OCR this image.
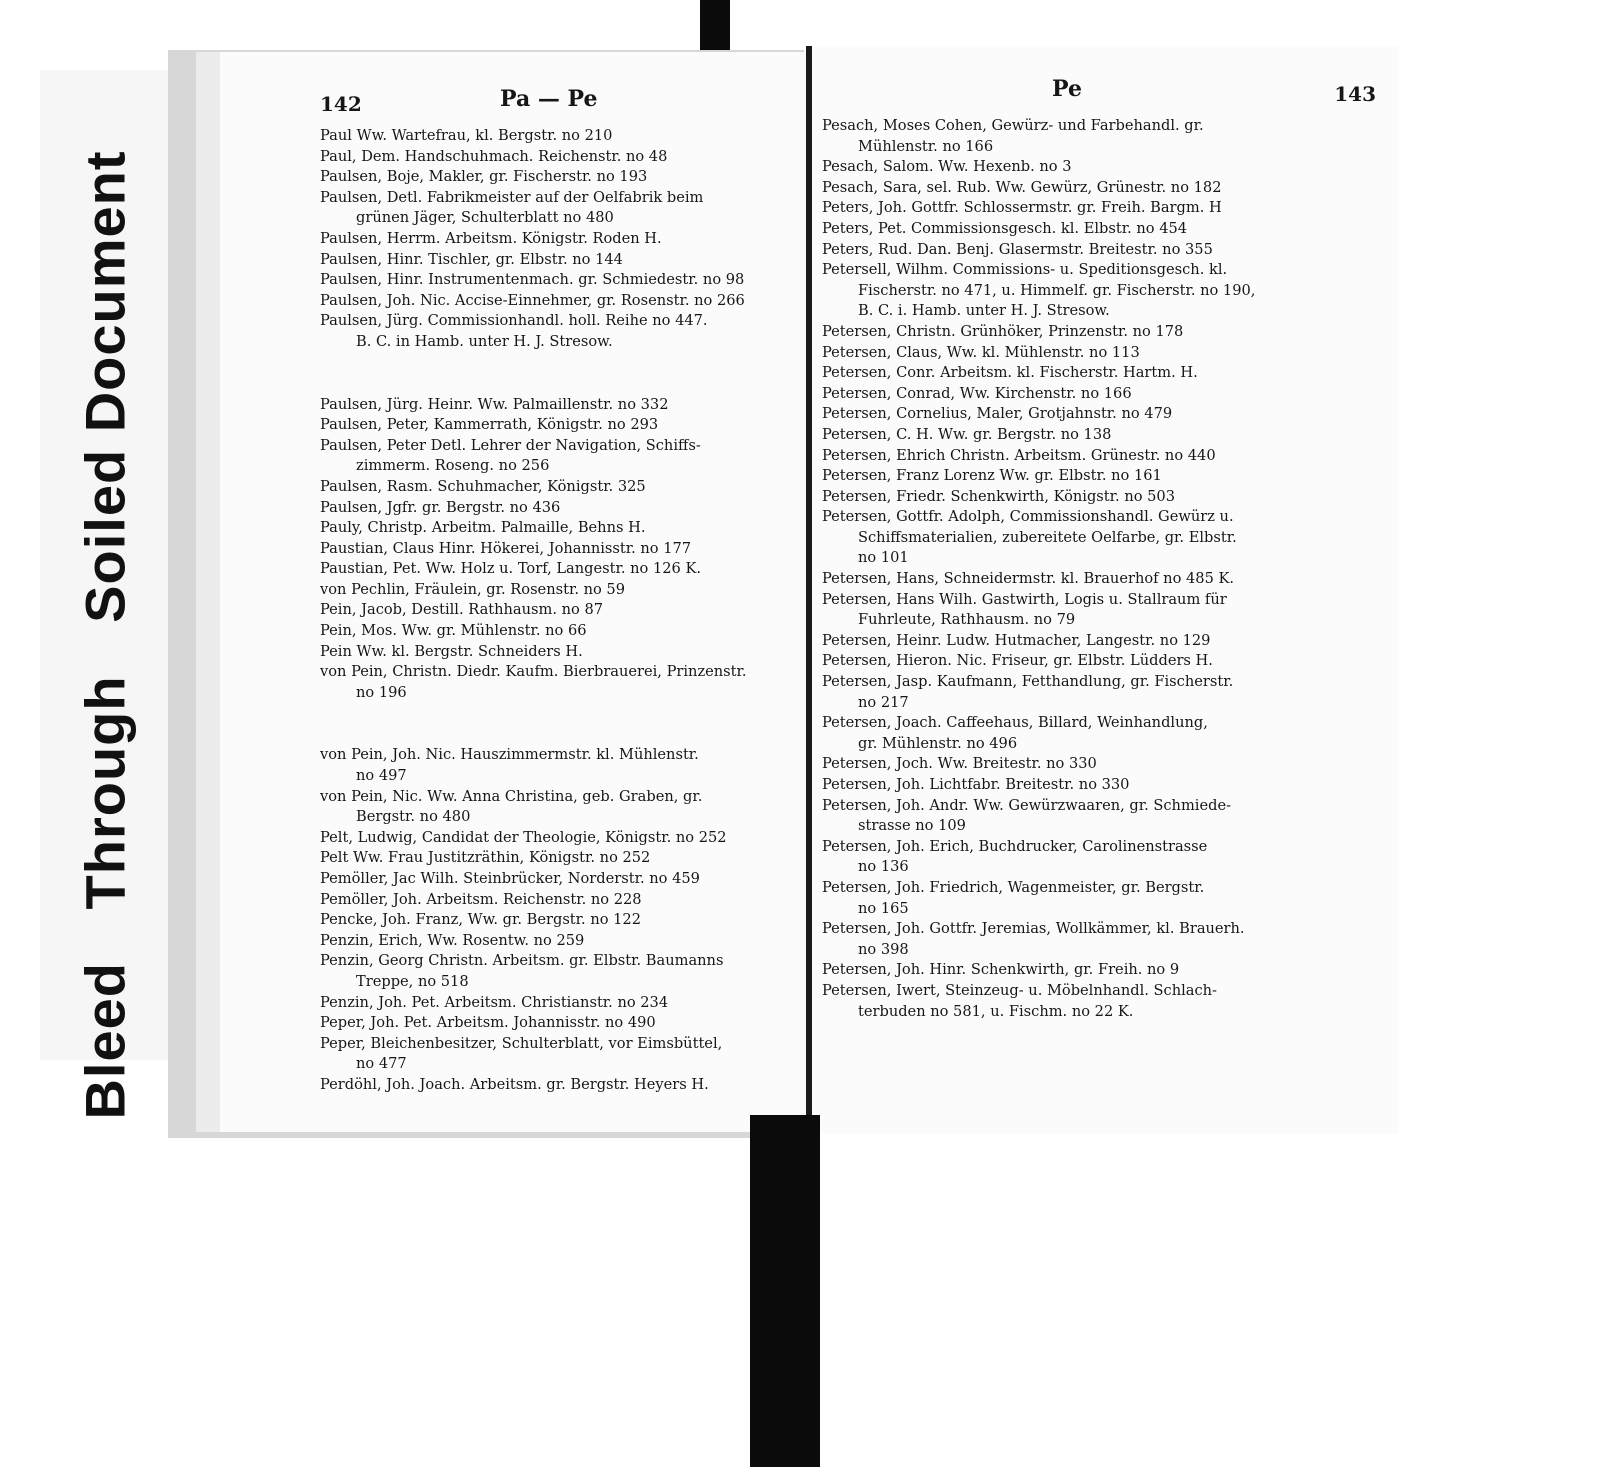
Bleed Through Soiled Document
142	Pa — Pe

Paul Ww. Wartefrau, kl. Bergstr. no 210

Paul, Dem. Handschuhmach. Reichenstr. no 48

Paulsen, Boje, Makler, gr. Fischerstr. no 193

Paulsen, Detl. Fabrikmeister auf der Oelfabrik beim

grünen Jäger, Schulterblatt no 480

Paulsen, Herrm. Arbeitsm. Königstr. Roden H.

Paulsen, Hinr. Tischler, gr. Elbstr. no 144

Paulsen, Hinr. Instrumentenmach. gr. Schmiedestr. no 98

Paulsen, Joh. Nic. Accise-Einnehmer, gr. Rosenstr. no 266

Paulsen, Jürg. Commissionhandl. holl. Reihe no 447.

B. C. in Hamb. unter H. J. Stresow.

Paulsen, Jürg. Heinr. Ww. Palmaillenstr. no 332

Paulsen, Peter, Kammerrath, Königstr. no 293

Paulsen, Peter Detl. Lehrer der Navigation, Schiffs-

zimmerm. Roseng. no 256

Paulsen, Rasm. Schuhmacher, Königstr. 325

Paulsen, Jgfr. gr. Bergstr. no 436

Pauly, Christp. Arbeitm. Palmaille, Behns H.

Paustian, Claus Hinr. Hökerei, Johannisstr. no 177

Paustian, Pet. Ww. Holz u. Torf, Langestr. no 126 K.

von Pechlin, Fräulein, gr. Rosenstr. no 59

Pein, Jacob, Destill. Rathhausm. no 87

Pein, Mos. Ww. gr. Mühlenstr. no 66

Pein Ww. kl. Bergstr. Schneiders H.

von Pein, Christn. Diedr. Kaufm. Bierbrauerei, Prinzenstr.

no 196

von Pein, Joh. Nic. Hauszimmermstr. kl. Mühlenstr.

no 497

von Pein, Nic. Ww. Anna Christina, geb. Graben, gr.

Bergstr. no 480

Pelt, Ludwig, Candidat der Theologie, Königstr. no 252

Pelt Ww. Frau Justitzräthin, Königstr. no 252

Pemöller, Jac Wilh. Steinbrücker, Norderstr. no 459

Pemöller, Joh. Arbeitsm. Reichenstr. no 228

Pencke, Joh. Franz, Ww. gr. Bergstr. no 122

Penzin, Erich, Ww. Rosentw. no 259

Penzin, Georg Christn. Arbeitsm. gr. Elbstr. Baumanns

Treppe, no 518

Penzin, Joh. Pet. Arbeitsm. Christianstr. no 234

Peper, Joh. Pet. Arbeitsm. Johannisstr. no 490

Peper, Bleichenbesitzer, Schulterblatt, vor Eimsbüttel,

no 477

Perdöhl, Joh. Joach. Arbeitsm. gr. Bergstr. Heyers H.

Pe	143

Pesach, Moses Cohen, Gewürz- und Farbehandl. gr.

Mühlenstr. no 166

Pesach, Salom. Ww. Hexenb. no 3

Pesach, Sara, sel. Rub. Ww. Gewürz, Grünestr. no 182

Peters, Joh. Gottfr. Schlossermstr. gr. Freih. Bargm. H

Peters, Pet. Commissionsgesch. kl. Elbstr. no 454

Peters, Rud. Dan. Benj. Glasermstr. Breitestr. no 355

Petersell, Wilhm. Commissions- u. Speditionsgesch. kl.

Fischerstr. no 471, u. Himmelf. gr. Fischerstr. no 190,

B. C. i. Hamb. unter H. J. Stresow.

Petersen, Christn. Grünhöker, Prinzenstr. no 178

Petersen, Claus, Ww. kl. Mühlenstr. no 113

Petersen, Conr. Arbeitsm. kl. Fischerstr. Hartm. H.

Petersen, Conrad, Ww. Kirchenstr. no 166

Petersen, Cornelius, Maler, Grotjahnstr. no 479

Petersen, C. H. Ww. gr. Bergstr. no 138

Petersen, Ehrich Christn. Arbeitsm. Grünestr. no 440

Petersen, Franz Lorenz Ww. gr. Elbstr. no 161

Petersen, Friedr. Schenkwirth, Königstr. no 503

Petersen, Gottfr. Adolph, Commissionshandl. Gewürz u.

Schiffsmaterialien, zubereitete Oelfarbe, gr. Elbstr.

no 101

Petersen, Hans, Schneidermstr. kl. Brauerhof no 485 K.

Petersen, Hans Wilh. Gastwirth, Logis u. Stallraum für

Fuhrleute, Rathhausm. no 79

Petersen, Heinr. Ludw. Hutmacher, Langestr. no 129

Petersen, Hieron. Nic. Friseur, gr. Elbstr. Lüdders H.

Petersen, Jasp. Kaufmann, Fetthandlung, gr. Fischerstr.

no 217

Petersen, Joach. Caffeehaus, Billard, Weinhandlung,

gr. Mühlenstr. no 496

Petersen, Joch. Ww. Breitestr. no 330

Petersen, Joh. Lichtfabr. Breitestr. no 330

Petersen, Joh. Andr. Ww. Gewürzwaaren, gr. Schmiede-

strasse no 109

Petersen, Joh. Erich, Buchdrucker, Carolinenstrasse

no 136

Petersen, Joh. Friedrich, Wagenmeister, gr. Bergstr.

no 165

Petersen, Joh. Gottfr. Jeremias, Wollkämmer, kl. Brauerh.

no 398

Petersen, Joh. Hinr. Schenkwirth, gr. Freih. no 9

Petersen, Iwert, Steinzeug- u. Möbelnhandl. Schlach-

terbuden no 581, u. Fischm. no 22 K.
